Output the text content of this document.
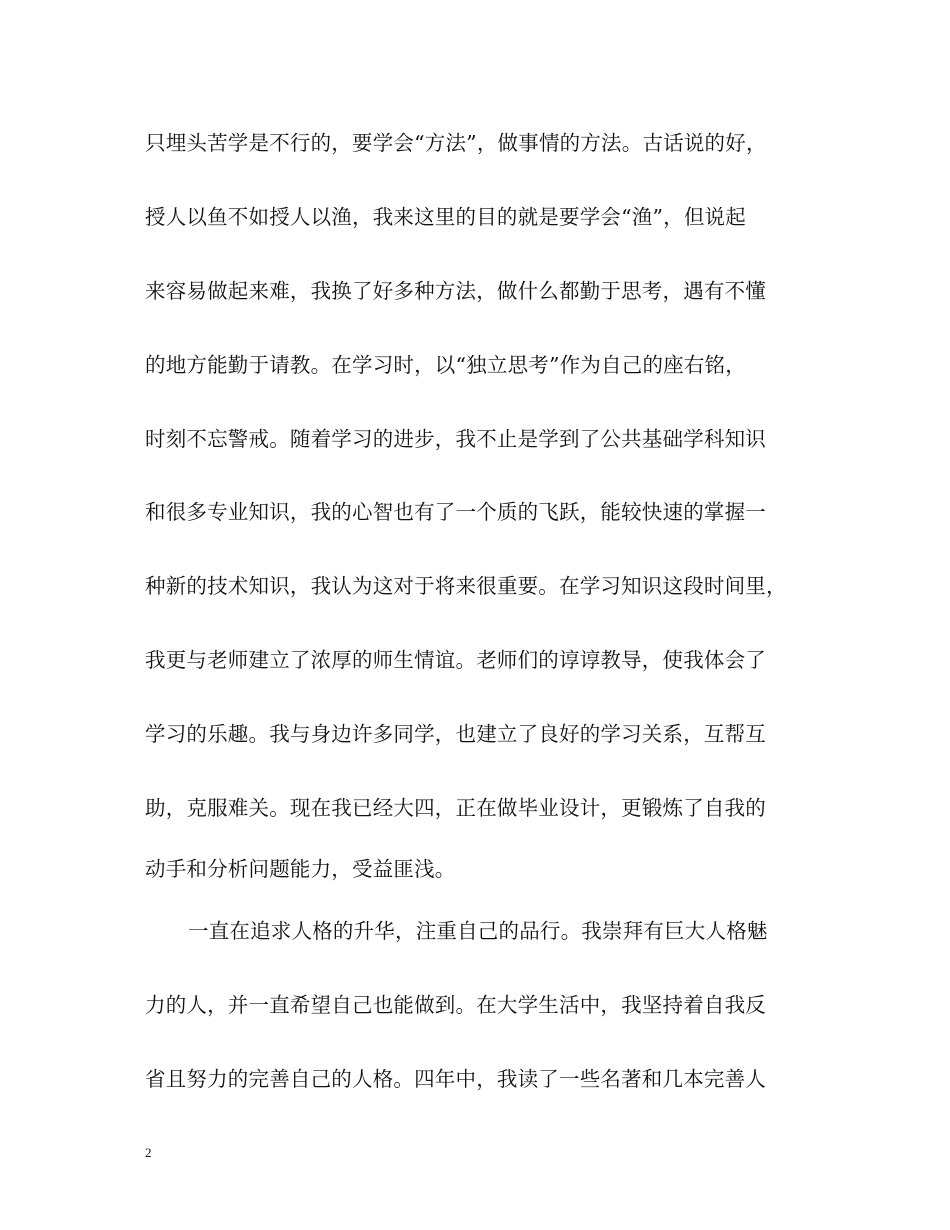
只埋头苦学是不行的，要学会“方法”，做事情的方法。古话说的好，
授人以鱼不如授人以渔，我来这里的目的就是要学会“渔”，但说起
来容易做起来难，我换了好多种方法，做什么都勤于思考，遇有不懂
的地方能勤于请教。在学习时，以“独立思考”作为自己的座右铭，
时刻不忘警戒。随着学习的进步，我不止是学到了公共基础学科知识
和很多专业知识，我的心智也有了一个质的飞跃，能较快速的掌握一
种新的技术知识，我认为这对于将来很重要。在学习知识这段时间里，
我更与老师建立了浓厚的师生情谊。老师们的谆谆教导，使我体会了
学习的乐趣。我与身边许多同学，也建立了良好的学习关系，互帮互
助，克服难关。现在我已经大四，正在做毕业设计，更锻炼了自我的
动手和分析问题能力，受益匪浅。
一直在追求人格的升华，注重自己的品行。我崇拜有巨大人格魅
力的人，并一直希望自己也能做到。在大学生活中，我坚持着自我反
省且努力的完善自己的人格。四年中，我读了一些名著和几本完善人
2
